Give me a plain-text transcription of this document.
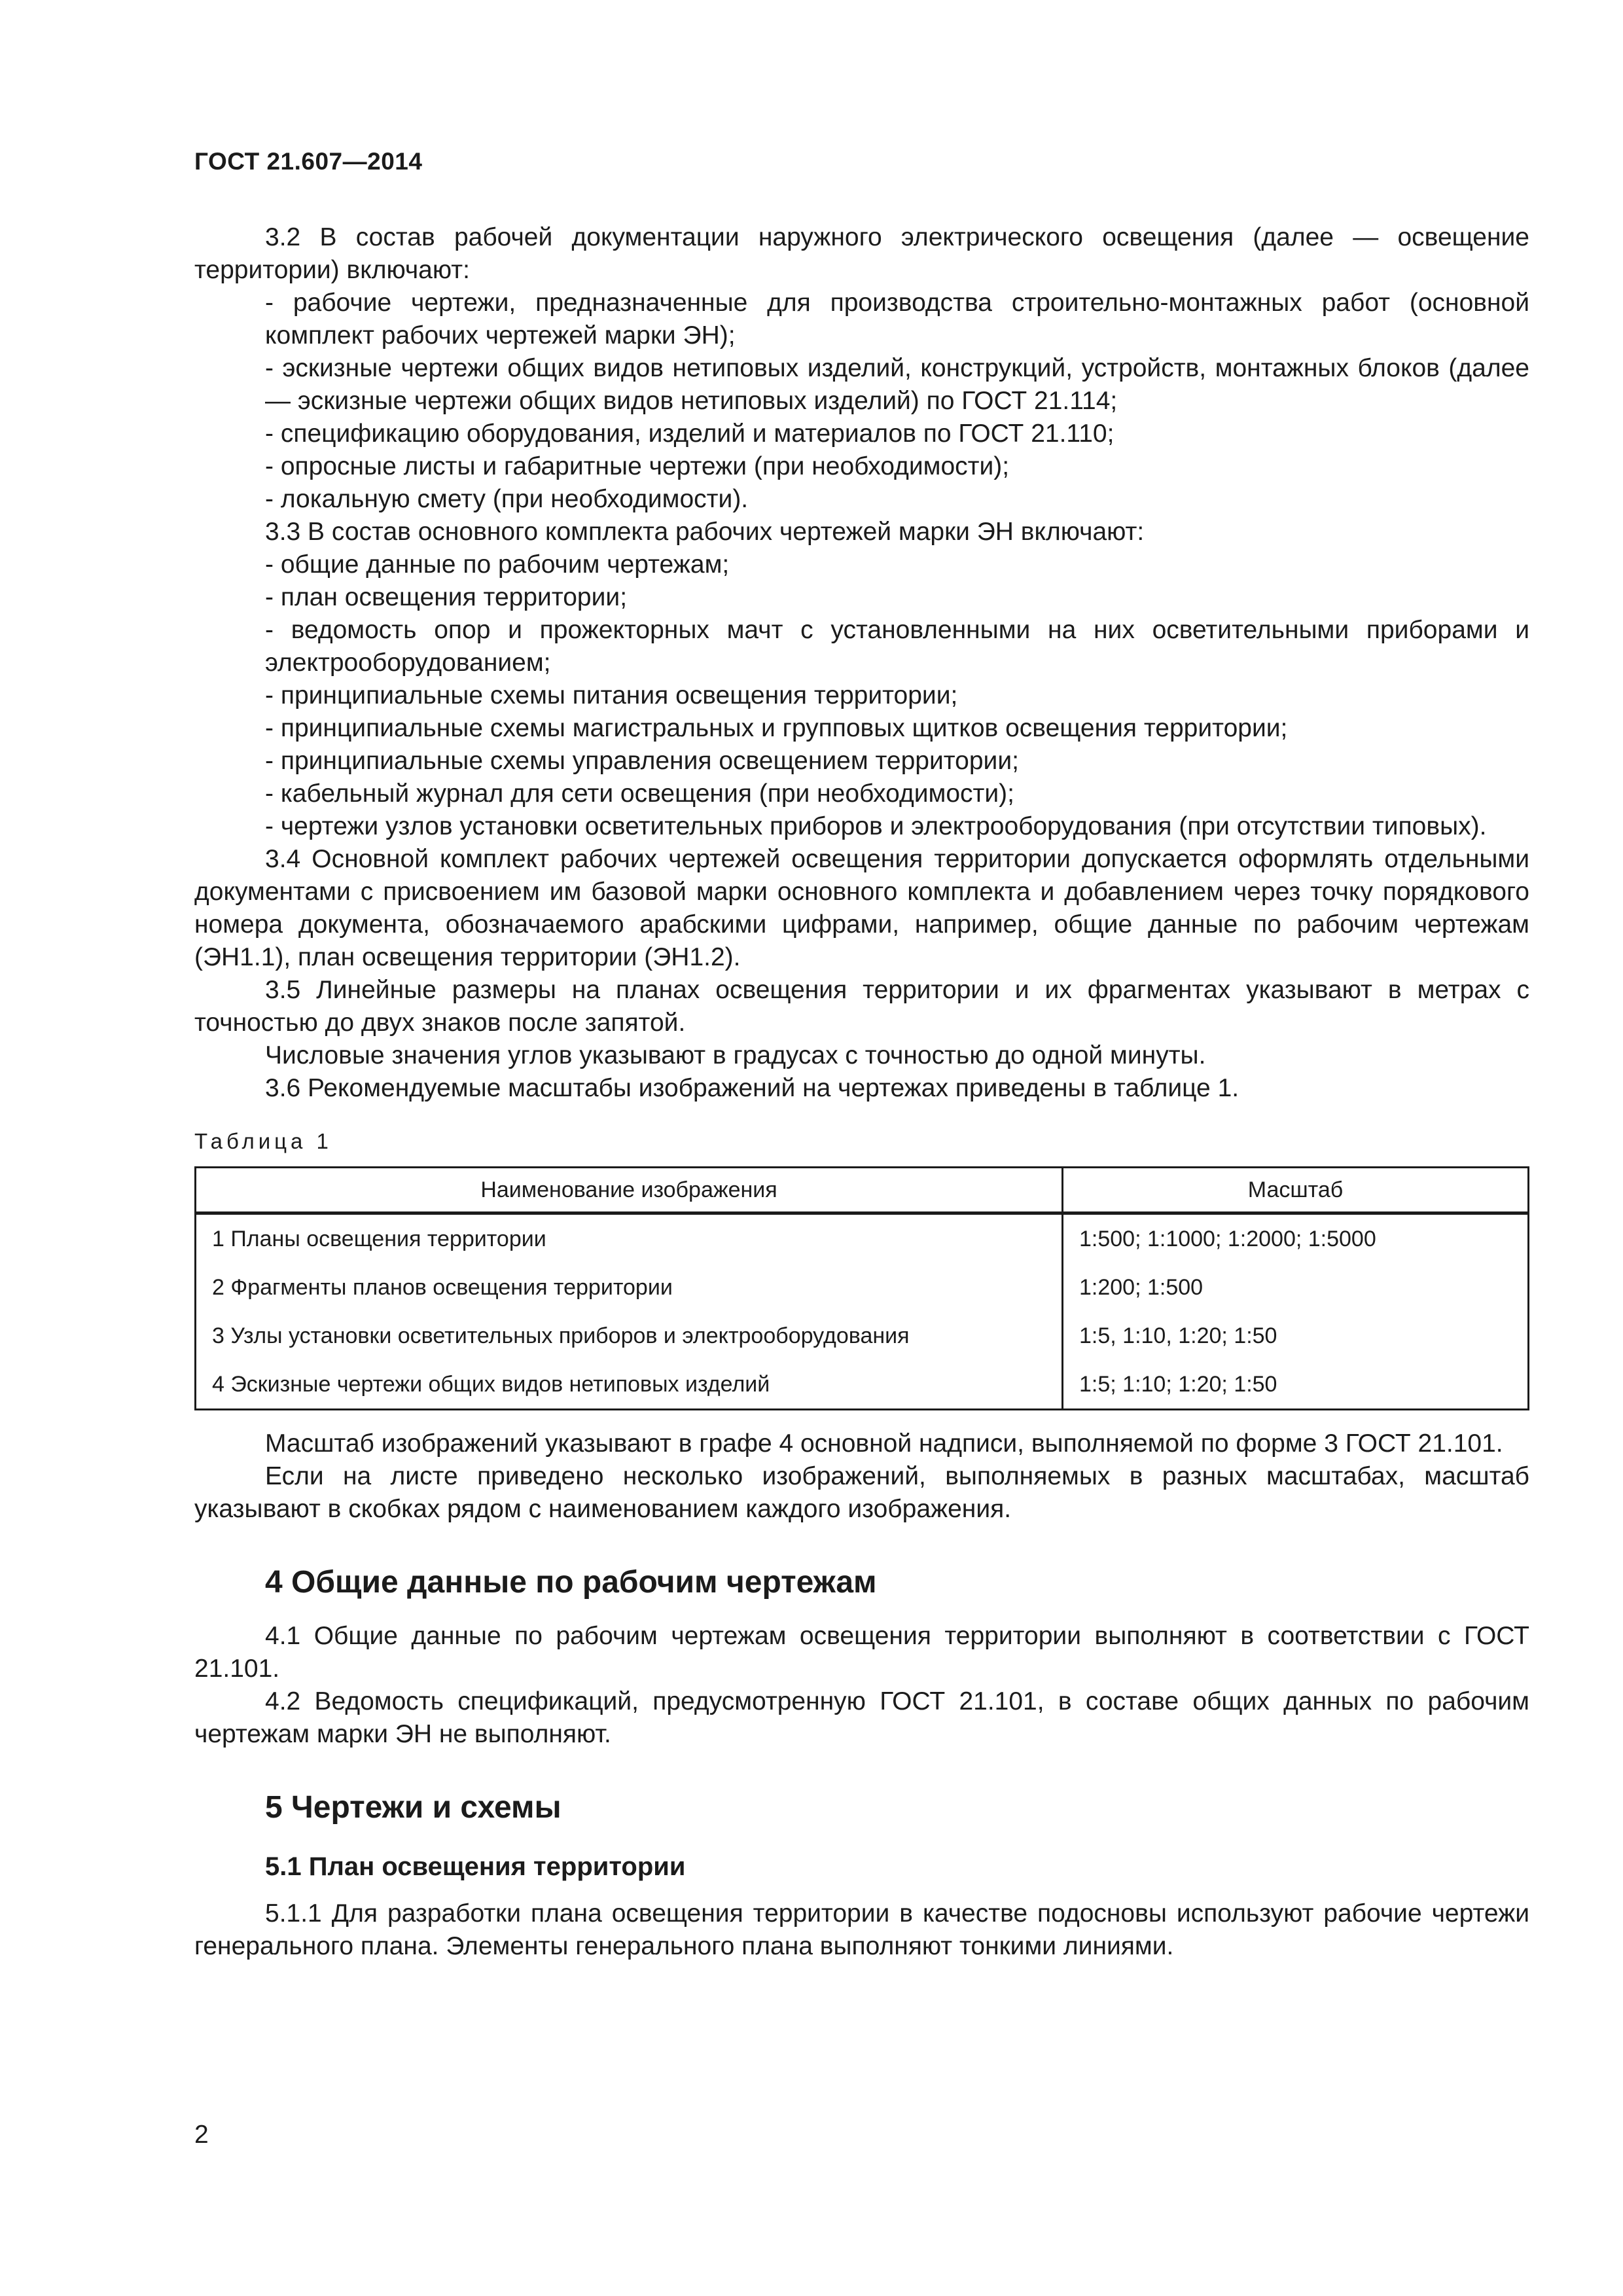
ГОСТ 21.607—2014

3.2 В состав рабочей документации наружного электрического освещения (далее — освещение территории) включают:

- рабочие чертежи, предназначенные для производства строительно-монтажных работ (основной комплект рабочих чертежей марки ЭН);

- эскизные чертежи общих видов нетиповых изделий, конструкций, устройств, монтажных блоков (далее — эскизные чертежи общих видов нетиповых изделий) по ГОСТ 21.114;

- спецификацию оборудования, изделий и материалов по ГОСТ 21.110;

- опросные листы и габаритные чертежи (при необходимости);

- локальную смету (при необходимости).

3.3 В состав основного комплекта рабочих чертежей марки ЭН включают:

- общие данные по рабочим чертежам;

- план освещения территории;

- ведомость опор и прожекторных мачт с установленными на них осветительными приборами и электрооборудованием;

- принципиальные схемы питания освещения территории;

- принципиальные схемы магистральных и групповых щитков освещения территории;

- принципиальные схемы управления освещением территории;

- кабельный журнал для сети освещения (при необходимости);

- чертежи узлов установки осветительных приборов и электрооборудования (при отсутствии типовых).

3.4 Основной комплект рабочих чертежей освещения территории допускается оформлять отдельными документами с присвоением им базовой марки основного комплекта и добавлением через точку порядкового номера документа, обозначаемого арабскими цифрами, например, общие данные по рабочим чертежам (ЭН1.1), план освещения территории (ЭН1.2).

3.5 Линейные размеры на планах освещения территории и их фрагментах указывают в метрах с точностью до двух знаков после запятой.

Числовые значения углов указывают в градусах с точностью до одной минуты.

3.6 Рекомендуемые масштабы изображений на чертежах приведены в таблице 1.

Таблица 1
Наименование изображения	Масштаб
1 Планы освещения территории	1:500; 1:1000; 1:2000; 1:5000
2 Фрагменты планов освещения территории	1:200; 1:500
3 Узлы установки осветительных приборов и электрооборудования	1:5, 1:10, 1:20; 1:50
4 Эскизные чертежи общих видов нетиповых изделий	1:5; 1:10; 1:20; 1:50

Масштаб изображений указывают в графе 4 основной надписи, выполняемой по форме 3 ГОСТ 21.101.

Если на листе приведено несколько изображений, выполняемых в разных масштабах, масштаб указывают в скобках рядом с наименованием каждого изображения.

4 Общие данные по рабочим чертежам

4.1 Общие данные по рабочим чертежам освещения территории выполняют в соответствии с ГОСТ 21.101.

4.2 Ведомость спецификаций, предусмотренную ГОСТ 21.101, в составе общих данных по рабочим чертежам марки ЭН не выполняют.

5 Чертежи и схемы
5.1 План освещения территории

5.1.1 Для разработки плана освещения территории в качестве подосновы используют рабочие чертежи генерального плана. Элементы генерального плана выполняют тонкими линиями.

2
